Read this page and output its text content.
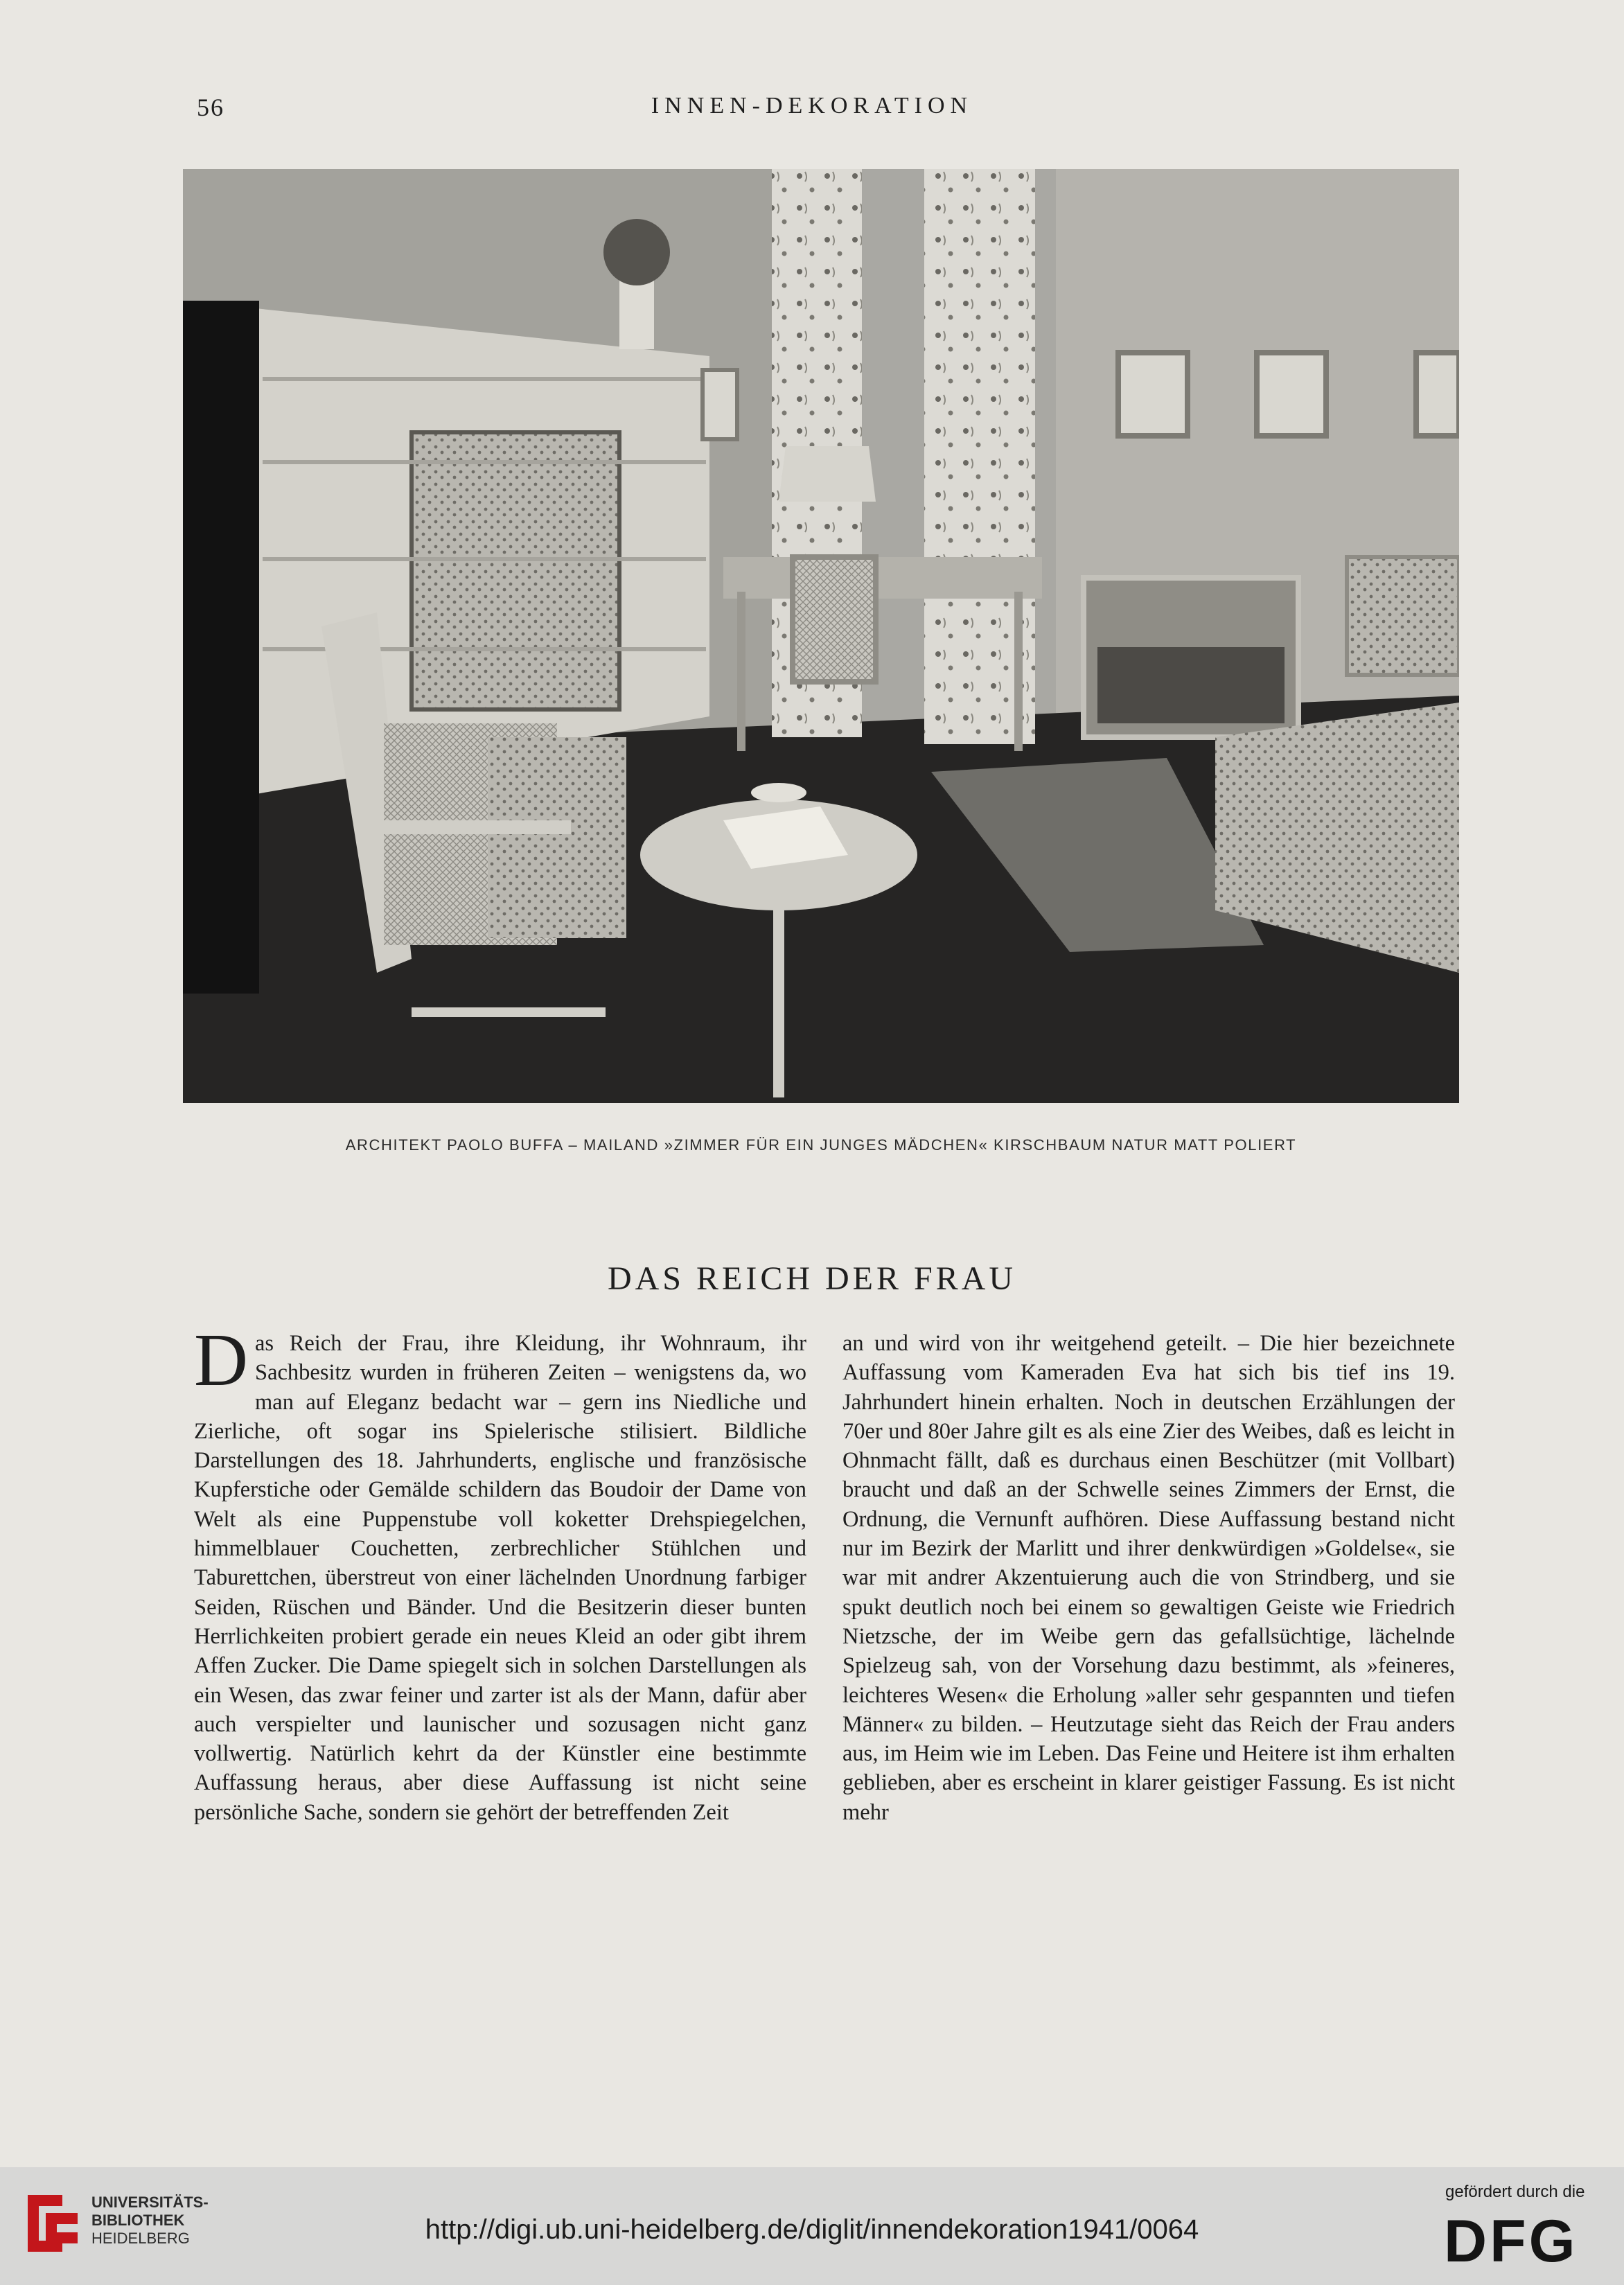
56	INNEN-DEKORATION
ARCHITEKT PAOLO BUFFA – MAILAND »ZIMMER FÜR EIN JUNGES MÄDCHEN« KIRSCHBAUM NATUR MATT POLIERT
DAS REICH DER FRAU
Das Reich der Frau, ihre Kleidung, ihr Wohnraum, ihr Sachbesitz wurden in früheren Zeiten – wenigstens da, wo man auf Eleganz bedacht war – gern ins Niedliche und Zierliche, oft sogar ins Spielerische stilisiert. Bildliche Darstellungen des 18. Jahrhunderts, englische und französische Kupferstiche oder Gemälde schildern das Boudoir der Dame von Welt als eine Puppenstube voll koketter Drehspiegelchen, himmelblauer Couchetten, zerbrechlicher Stühlchen und Taburettchen, überstreut von einer lächelnden Unordnung farbiger Seiden, Rüschen und Bänder. Und die Besitzerin dieser bunten Herrlichkeiten probiert gerade ein neues Kleid an oder gibt ihrem Affen Zucker. Die Dame spiegelt sich in solchen Darstellungen als ein Wesen, das zwar feiner und zarter ist als der Mann, dafür aber auch verspielter und launischer und sozusagen nicht ganz vollwertig. Natürlich kehrt da der Künstler eine bestimmte Auffassung heraus, aber diese Auffassung ist nicht seine persönliche Sache, sondern sie gehört der betreffenden Zeit
an und wird von ihr weitgehend geteilt. – Die hier bezeichnete Auffassung vom Kameraden Eva hat sich bis tief ins 19. Jahrhundert hinein erhalten. Noch in deutschen Erzählungen der 70er und 80er Jahre gilt es als eine Zier des Weibes, daß es leicht in Ohnmacht fällt, daß es durchaus einen Beschützer (mit Vollbart) braucht und daß an der Schwelle seines Zimmers der Ernst, die Ordnung, die Vernunft aufhören. Diese Auffassung bestand nicht nur im Bezirk der Marlitt und ihrer denkwürdigen »Goldelse«, sie war mit andrer Akzentuierung auch die von Strindberg, und sie spukt deutlich noch bei einem so gewaltigen Geiste wie Friedrich Nietzsche, der im Weibe gern das gefallsüchtige, lächelnde Spielzeug sah, von der Vorsehung dazu bestimmt, als »feineres, leichteres Wesen« die Erholung »aller sehr gespannten und tiefen Männer« zu bilden. – Heutzutage sieht das Reich der Frau anders aus, im Heim wie im Leben. Das Feine und Heitere ist ihm erhalten geblieben, aber es erscheint in klarer geistiger Fassung. Es ist nicht mehr
UNIVERSITÄTS-
BIBLIOTHEK
HEIDELBERG	http://digi.ub.uni-heidelberg.de/diglit/innendekoration1941/0064
gefördert durch die
DFG
